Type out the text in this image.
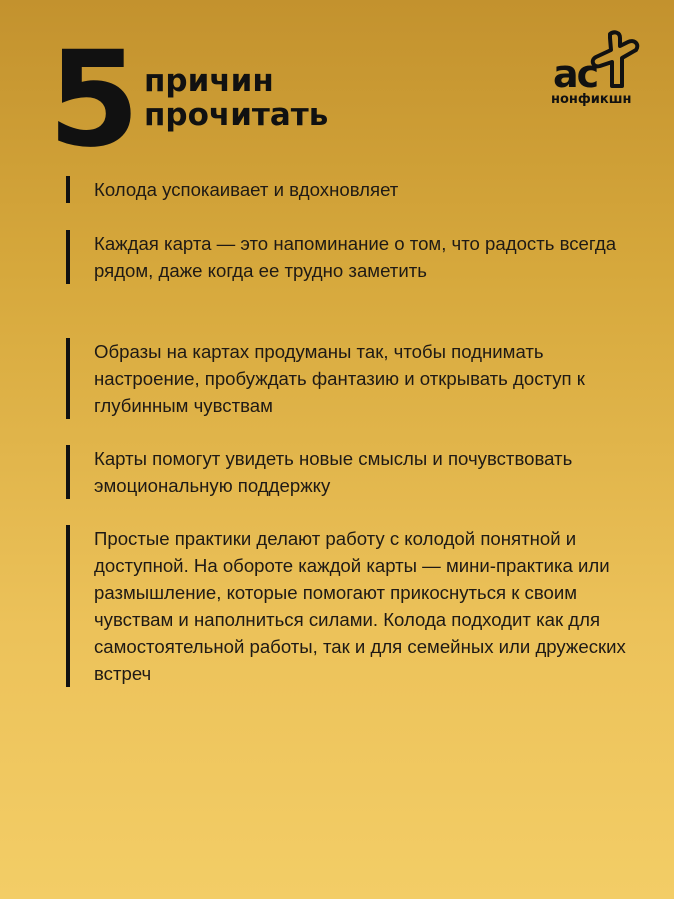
5 причин
прочитать
ac
нонфикшн
Колода успокаивает и вдохновляет
Каждая карта — это напоминание о том, что радость всегда рядом, даже когда ее трудно заметить
Образы на картах продуманы так, чтобы поднимать настроение, пробуждать фантазию и открывать доступ к глубинным чувствам
Карты помогут увидеть новые смыслы и почувствовать эмоциональную поддержку
Простые практики делают работу с колодой понятной и доступной. На обороте каждой карты — мини-практика или размышление, которые помогают прикоснуться к своим чувствам и наполниться силами. Колода подходит как для самостоятельной работы, так и для семейных или дружеских встреч
